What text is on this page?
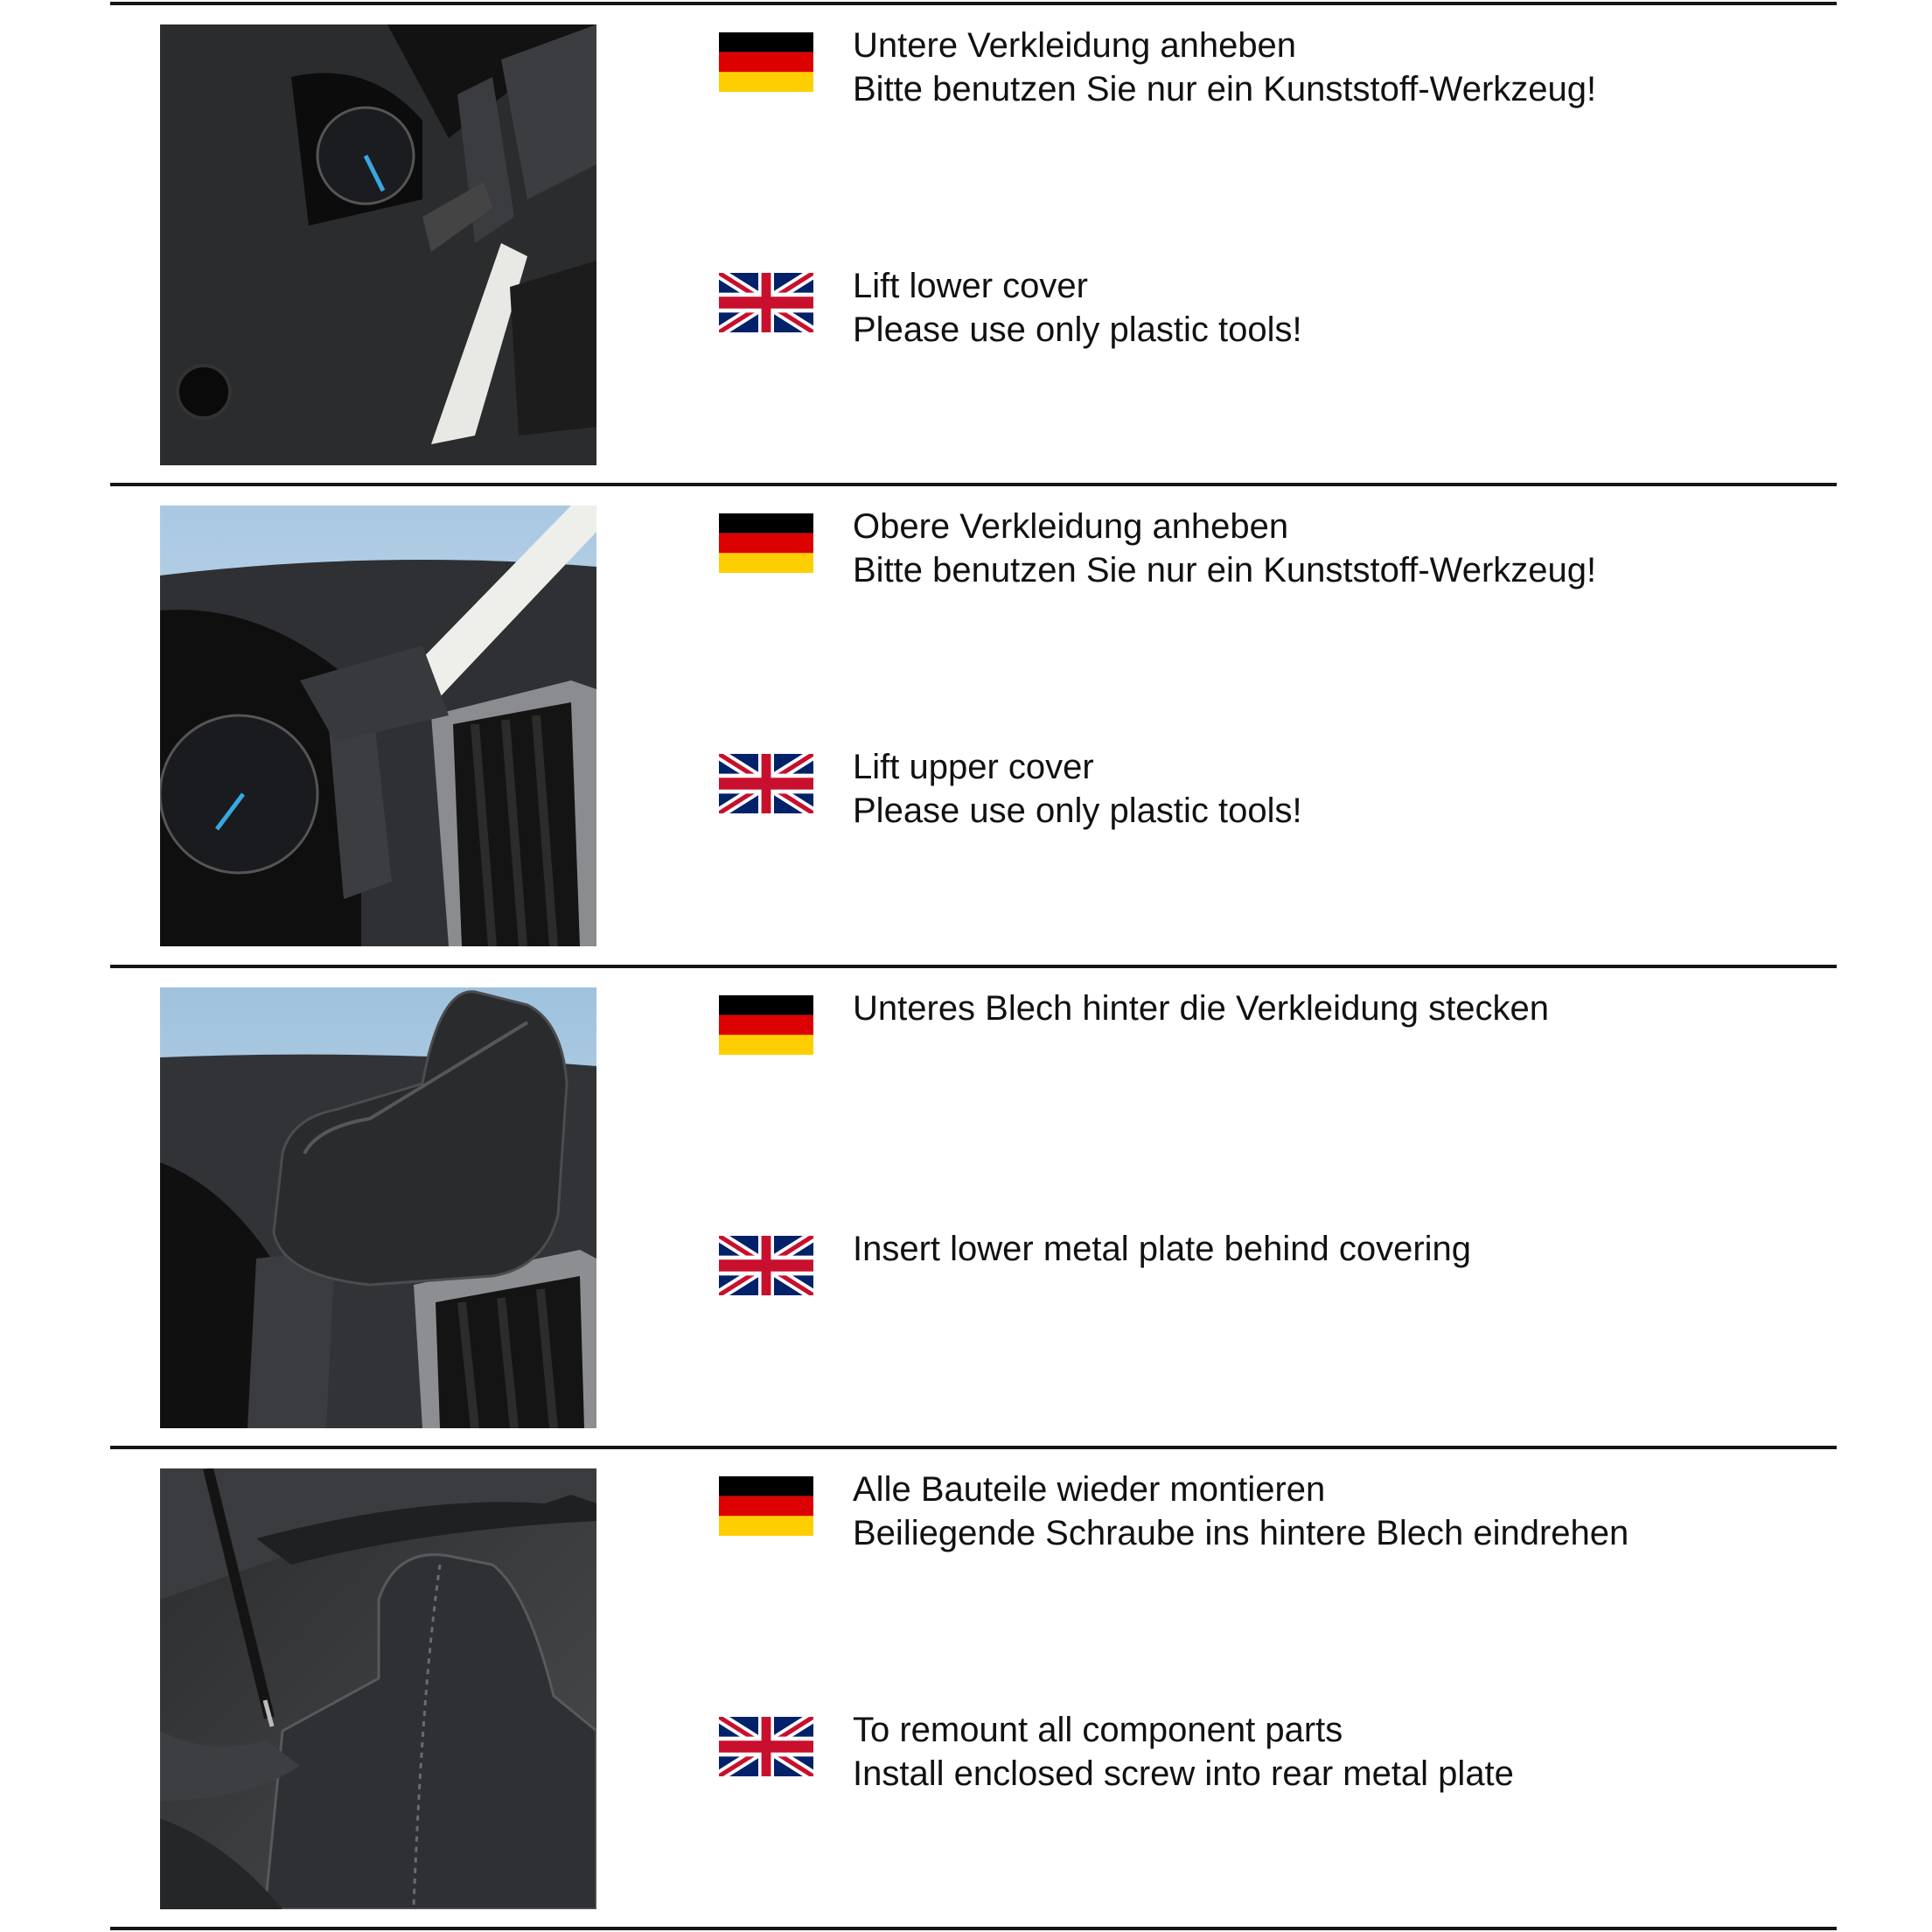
Untere Verkleidung anheben
Bitte benutzen Sie nur ein Kunststoff-Werkzeug!
Lift lower cover
Please use only plastic tools!
Obere Verkleidung anheben
Bitte benutzen Sie nur ein Kunststoff-Werkzeug!
Lift upper cover
Please use only plastic tools!
Unteres Blech hinter die Verkleidung stecken
Insert lower metal plate behind covering
Alle Bauteile wieder montieren
Beiliegende Schraube ins hintere Blech eindrehen
To remount all component parts
Install enclosed screw into rear metal plate
